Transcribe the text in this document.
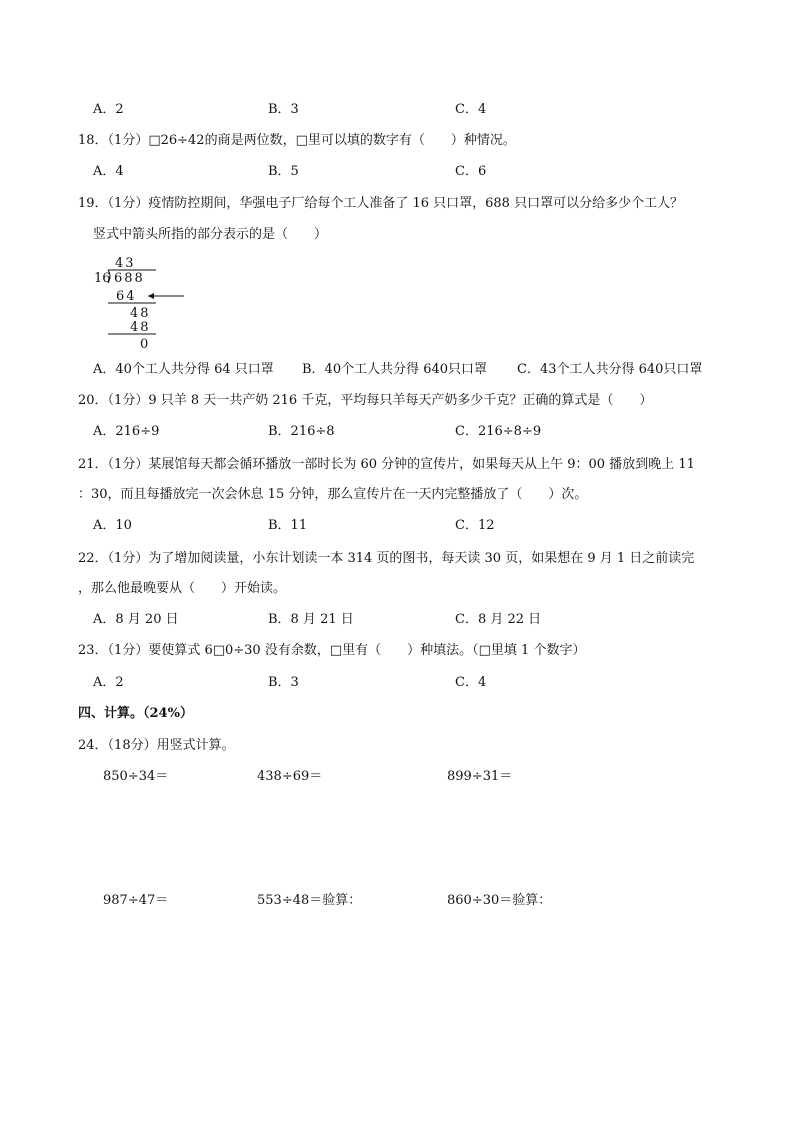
A．2	B．3	C．4
18．（1分）□26÷42的商是两位数，□里可以填的数字有（　　）种情况。
A．4	B．5	C．6
19．（1分）疫情防控期间，华强电子厂给每个工人准备了 16 只口罩，688 只口罩可以分给多少个工人？
竖式中箭头所指的部分表示的是（　　）
43
16 688
64
48
48
0
A．40个工人共分得 64 只口罩 B．40个工人共分得 640只口罩 C．43个工人共分得 640只口罩
20．（1分）9 只羊 8 天一共产奶 216 千克，平均每只羊每天产奶多少千克？正确的算式是（　　）
A．216÷9	B．216÷8	C．216÷8÷9
21．（1分）某展馆每天都会循环播放一部时长为 60 分钟的宣传片，如果每天从上午 9：00 播放到晚上 11
：30，而且每播放完一次会休息 15 分钟，那么宣传片在一天内完整播放了（　　）次。
A．10	B．11	C．12
22．（1分）为了增加阅读量，小东计划读一本 314 页的图书，每天读 30 页，如果想在 9 月 1 日之前读完
，那么他最晚要从（　　）开始读。
A．8 月 20 日	B．8 月 21 日	C．8 月 22 日
23．（1分）要使算式 6□0÷30 没有余数，□里有（　　）种填法。（□里填 1 个数字）
A．2	B．3	C．4
四、计算。（24%）
24．（18分）用竖式计算。
850÷34＝	438÷69＝	899÷31＝
987÷47＝	553÷48＝验算：	860÷30＝验算：
